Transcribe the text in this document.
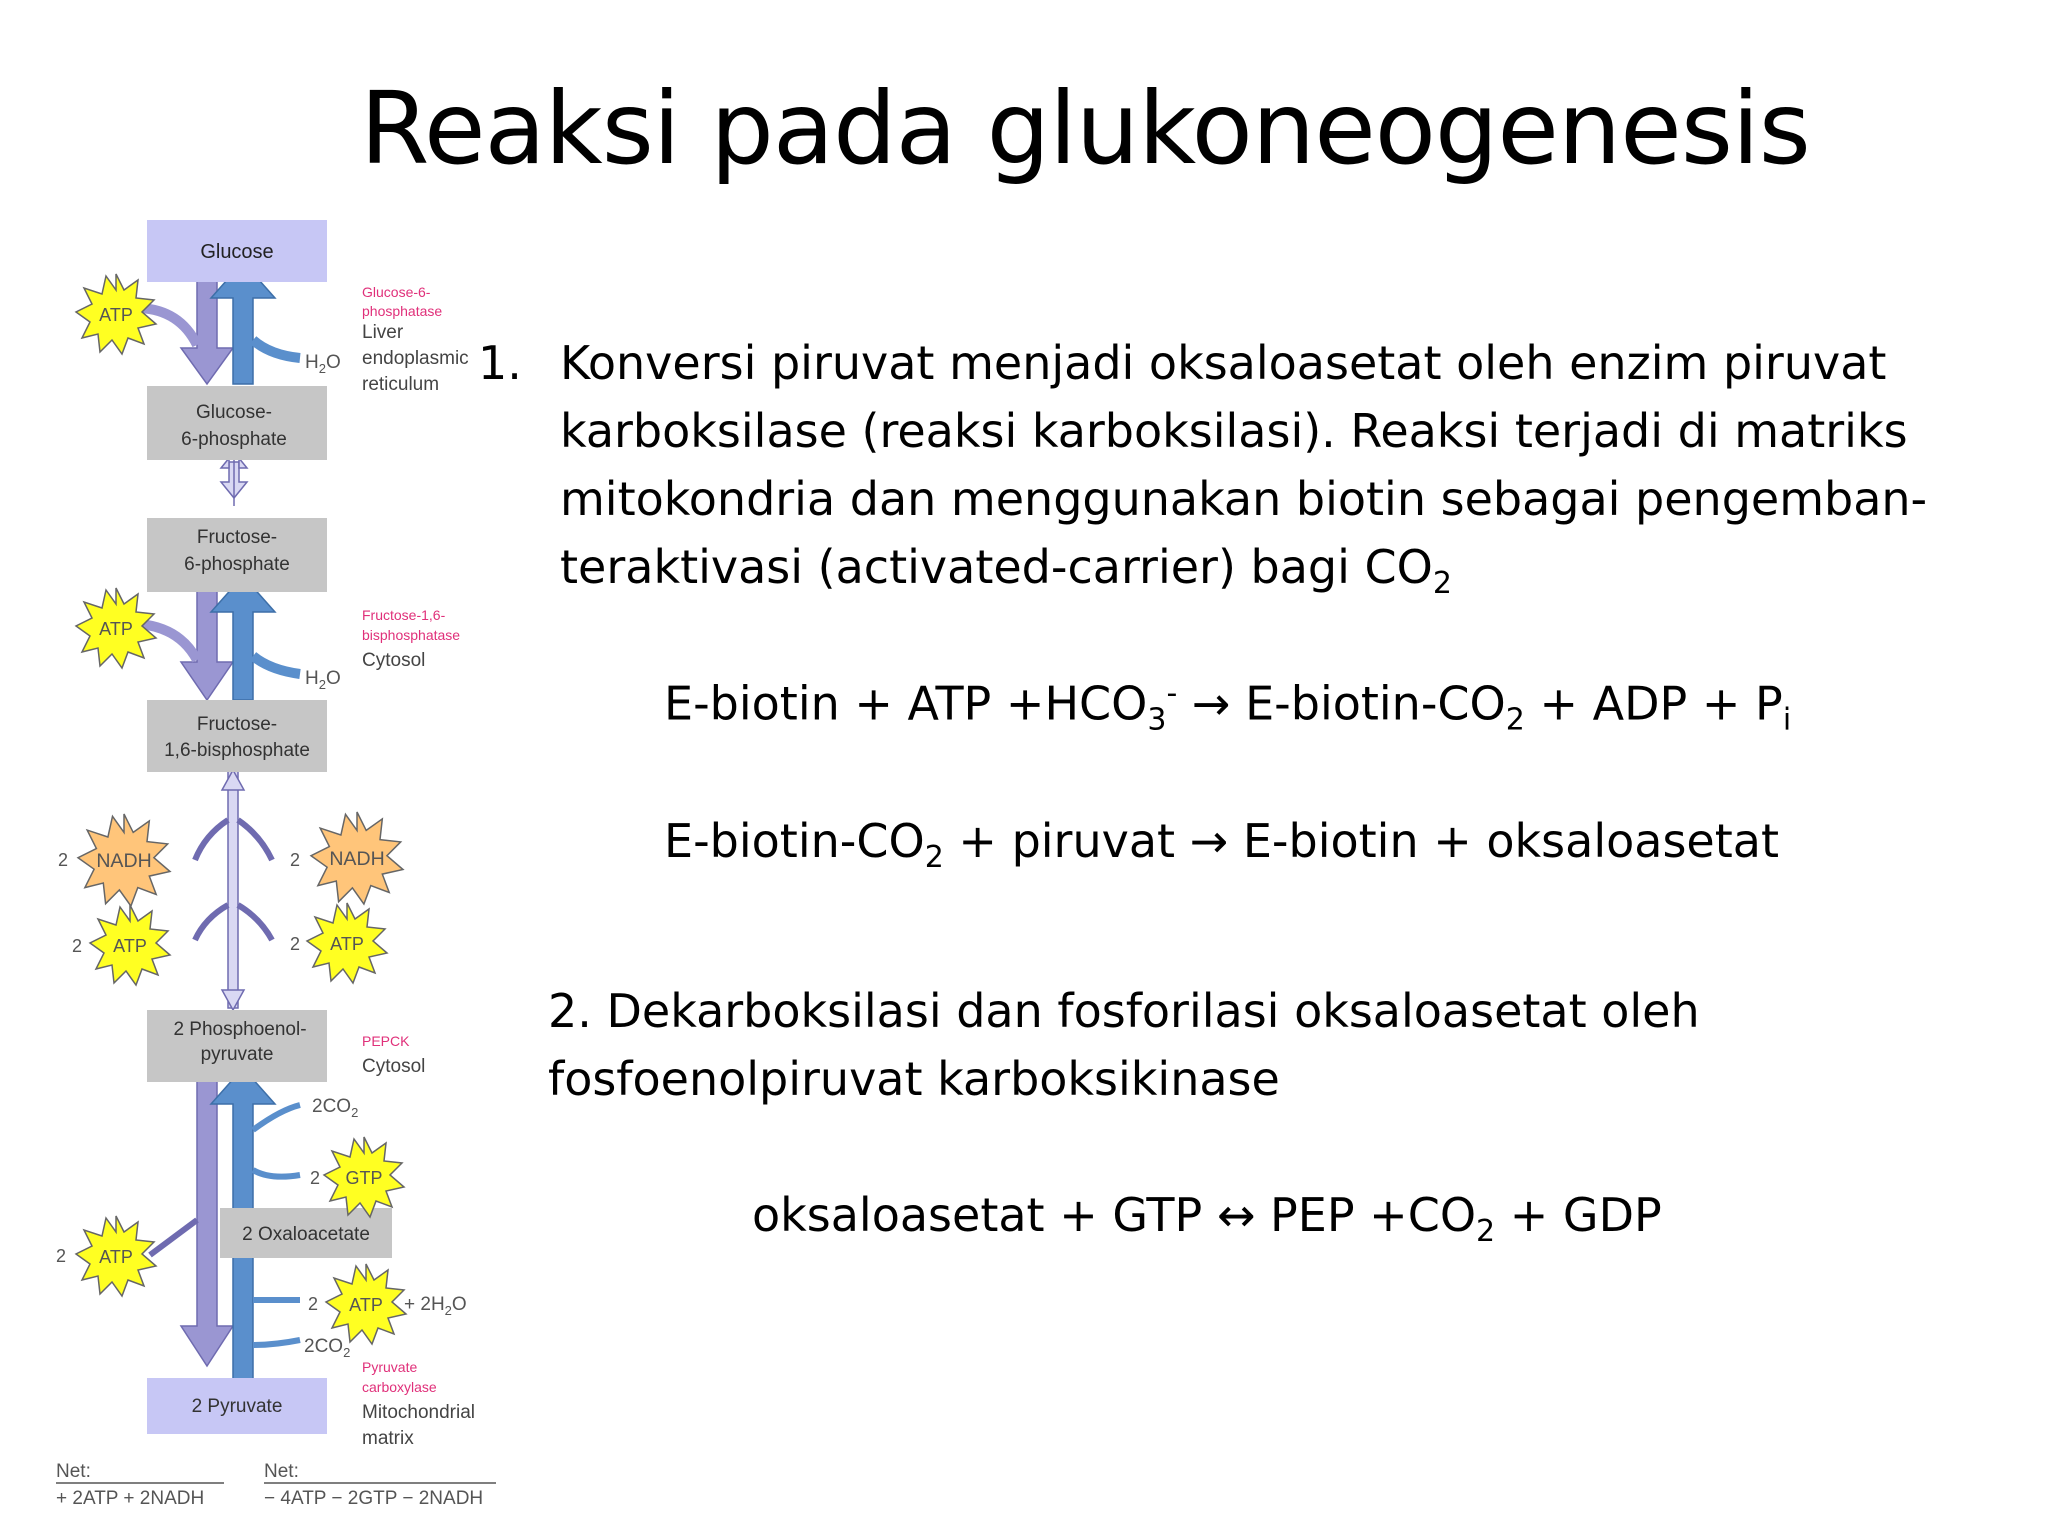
Reaksi pada glukoneogenesis
Glucose
Glucose-
6-phosphate
Fructose-
6-phosphate
Fructose-
1,6-bisphosphate
2 Phosphoenol-
pyruvate
2 Oxaloacetate
2 Pyruvate
ATP
ATP
NADH	NADH
ATP	ATP
GTP
ATP
ATP
2	2
2	2
2
2
2
$H_2O$
$H_2O$
$2CO_2$
$2CO_2$
+ $2H_2O$
Glucose-6-
phosphatase
Liver
endoplasmic
reticulum
Fructose-1,6-
bisphosphatase
Cytosol
PEPCK
Cytosol
Pyruvate
carboxylase
Mitochondrial
matrix
Net:
+ 2ATP + 2NADH
Net:
− 4ATP − 2GTP − 2NADH
1. Konversi piruvat menjadi oksaloasetat oleh enzim piruvat
karboksilase (reaksi karboksilasi). Reaksi terjadi di matriks
mitokondria dan menggunakan biotin sebagai pengemban-
teraktivasi (activated-carrier) bagi $CO_2$
E-biotin + ATP $+HCO_3^-$ → $E-biotin-CO_2$ + ADP + $P_i$
$E-biotin-CO_2$ + piruvat → E-biotin + oksaloasetat
2. Dekarboksilasi dan fosforilasi oksaloasetat oleh
fosfoenolpiruvat karboksikinase
oksaloasetat + GTP ↔ PEP $+CO_2$ + GDP
